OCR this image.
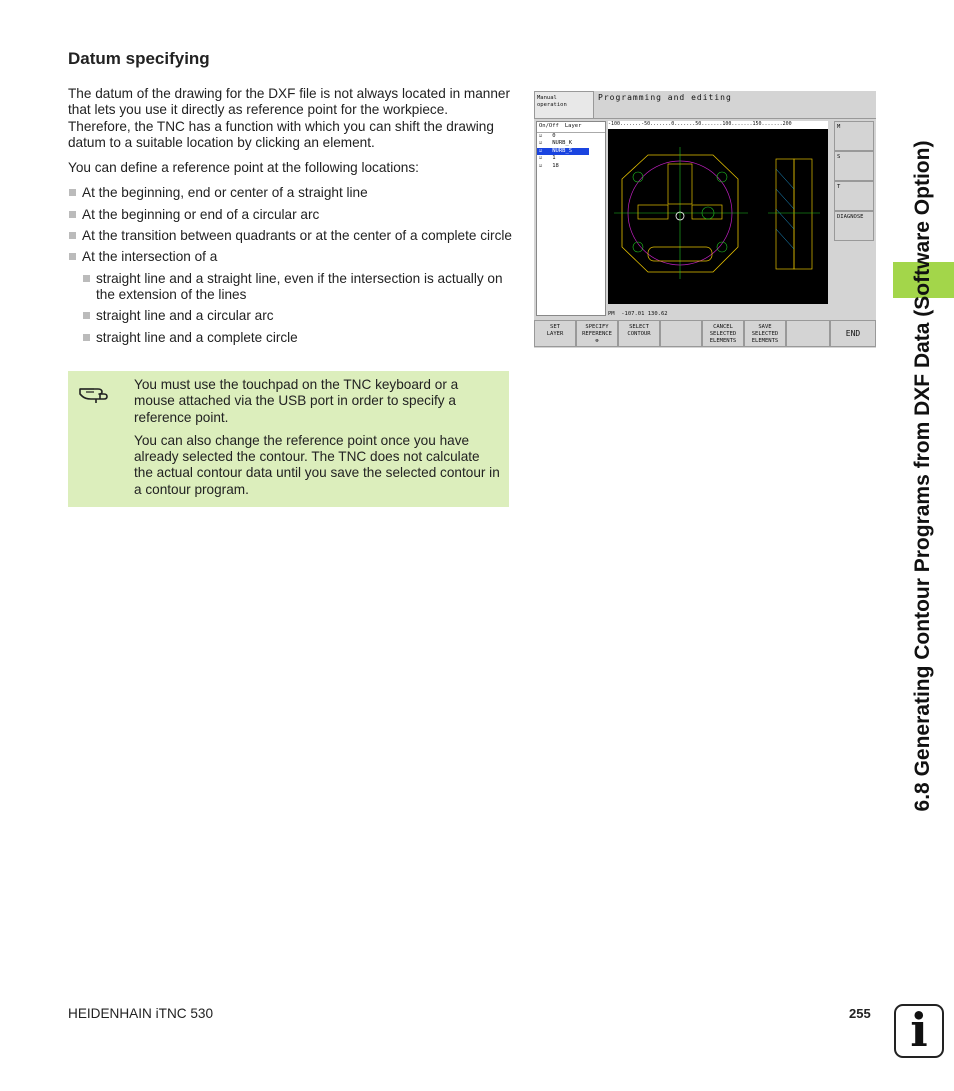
Datum specifying

The datum of the drawing for the DXF file is not always located in manner that lets you use it directly as reference point for the workpiece. Therefore, the TNC has a function with which you can shift the drawing datum to a suitable location by clicking an element.

You can define a reference point at the following locations:

At the beginning, end or center of a straight line
At the beginning or end of a circular arc
At the transition between quadrants or at the center of a complete circle
At the intersection of a
straight line and a straight line, even if the intersection is actually on the extension of the lines
straight line and a circular arc
straight line and a complete circle
Manual
operation
Programming and editing
On/Off Layer
☑   0
☑   NURB_K
☑   NURB_S
☑   1
☑   18
-100.......-50.......0.......50.......100.......150.......200
PM -107.01 130.62
M
S
T
DIAGNOSE
SET
LAYER
SPECIFY
REFERENCE
⊕
SELECT
CONTOUR
CANCEL
SELECTED
ELEMENTS
SAVE
SELECTED
ELEMENTS
END

You must use the touchpad on the TNC keyboard or a mouse attached via the USB port in order to specify a reference point.

You can also change the reference point once you have already selected the contour. The TNC does not calculate the actual contour data until you save the selected contour in a contour program.	6.8 Generating Contour Programs from DXF Data (Software Option)
HEIDENHAIN iTNC 530	255 i
